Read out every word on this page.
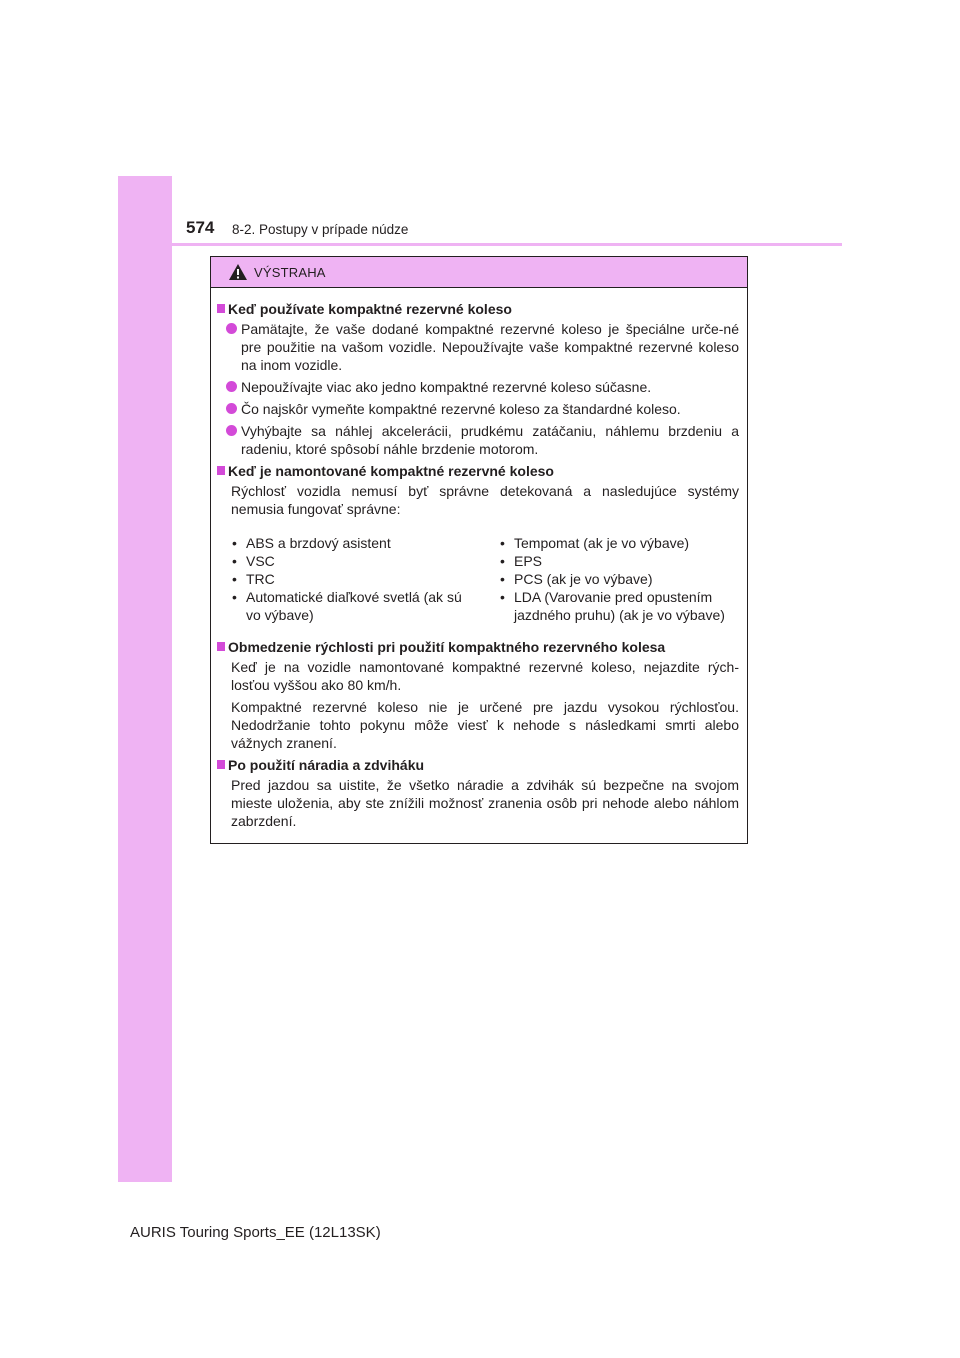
574 8-2. Postupy v prípade núdze
VÝSTRAHA
Keď používate kompaktné rezervné koleso
Pamätajte, že vaše dodané kompaktné rezervné koleso je špeciálne urče-né pre použitie na vašom vozidle. Nepoužívajte vaše kompaktné rezervné koleso na inom vozidle.
Nepoužívajte viac ako jedno kompaktné rezervné koleso súčasne.
Čo najskôr vymeňte kompaktné rezervné koleso za štandardné koleso.
Vyhýbajte sa náhlej akcelerácii, prudkému zatáčaniu, náhlemu brzdeniu a radeniu, ktoré spôsobí náhle brzdenie motorom.
Keď je namontované kompaktné rezervné koleso
Rýchlosť vozidla nemusí byť správne detekovaná a nasledujúce systémy nemusia fungovať správne:
• ABS a brzdový asistent
• VSC
• TRC
• Automatické diaľkové svetlá (ak sú vo výbave)
• Tempomat (ak je vo výbave)
• EPS
• PCS (ak je vo výbave)
• LDA (Varovanie pred opustením jazdného pruhu) (ak je vo výbave)
Obmedzenie rýchlosti pri použití kompaktného rezervného kolesa
Keď je na vozidle namontované kompaktné rezervné koleso, nejazdite rých-losťou vyššou ako 80 km/h.
Kompaktné rezervné koleso nie je určené pre jazdu vysokou rýchlosťou. Nedodržanie tohto pokynu môže viesť k nehode s následkami smrti alebo vážnych zranení.
Po použití náradia a zdviháku
Pred jazdou sa uistite, že všetko náradie a zdvihák sú bezpečne na svojom mieste uloženia, aby ste znížili možnosť zranenia osôb pri nehode alebo náhlom zabrzdení.
AURIS Touring Sports_EE (12L13SK)
